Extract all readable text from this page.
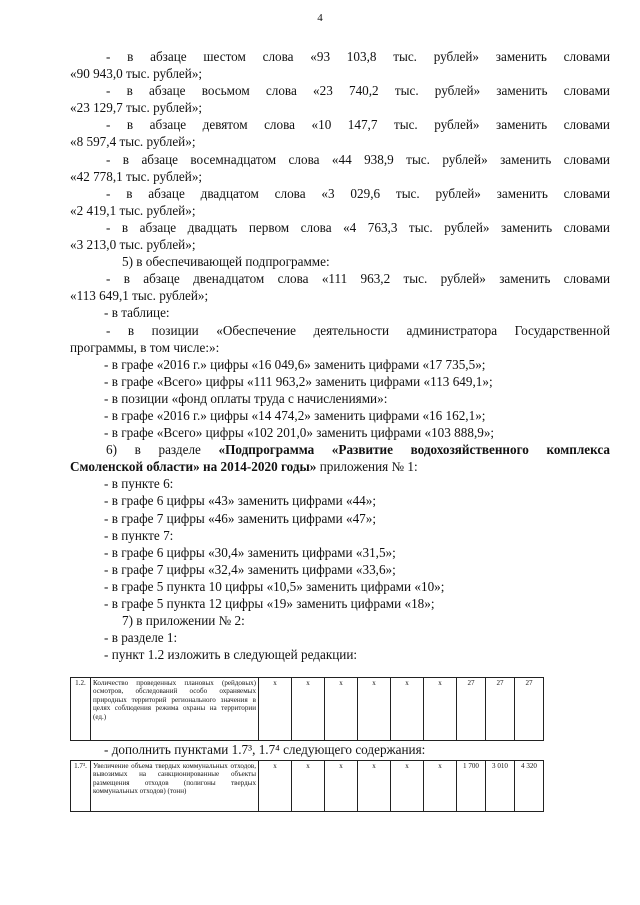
4

- в абзаце шестом слова «93 103,8 тыс. рублей» заменить словами

«90 943,0 тыс. рублей»;

- в абзаце восьмом слова «23 740,2 тыс. рублей» заменить словами

«23 129,7 тыс. рублей»;

- в абзаце девятом слова «10 147,7 тыс. рублей» заменить словами

«8 597,4 тыс. рублей»;

- в абзаце восемнадцатом слова «44 938,9 тыс. рублей» заменить словами

«42 778,1 тыс. рублей»;

- в абзаце двадцатом слова «3 029,6 тыс. рублей» заменить словами

«2 419,1 тыс. рублей»;

- в абзаце двадцать первом слова «4 763,3 тыс. рублей» заменить словами

«3 213,0 тыс. рублей»;

5) в обеспечивающей подпрограмме:

- в абзаце двенадцатом слова «111 963,2 тыс. рублей» заменить словами

«113 649,1 тыс. рублей»;

- в таблице:

- в позиции «Обеспечение деятельности администратора Государственной

программы, в том числе:»:

- в графе «2016 г.» цифры «16 049,6» заменить цифрами «17 735,5»;

- в графе «Всего» цифры «111 963,2» заменить цифрами «113 649,1»;

- в позиции «фонд оплаты труда с начислениями»:

- в графе «2016 г.» цифры «14 474,2» заменить цифрами «16 162,1»;

- в графе «Всего» цифры «102 201,0» заменить цифрами «103 888,9»;

6) в разделе «Подпрограмма «Развитие водохозяйственного комплекса

Смоленской области» на 2014-2020 годы» приложения № 1:

- в пункте 6:

- в графе 6 цифры «43» заменить цифрами «44»;

- в графе 7 цифры «46» заменить цифрами «47»;

- в пункте 7:

- в графе 6 цифры «30,4» заменить цифрами «31,5»;

- в графе 7 цифры «32,4» заменить цифрами «33,6»;

- в графе 5 пункта 10 цифры «10,5» заменить цифрами «10»;

- в графе 5 пункта 12 цифры «19» заменить цифрами «18»;

7) в приложении № 2:

- в разделе 1:

- пункт 1.2 изложить в следующей редакции:

1.2.	Количество проведенных плановых (рейдовых) осмотров, обследований особо охраняемых природных территорий регионального значения в целях соблюдения режима охраны на территории (ед.)	x	x	x	x	x	x	27	27	27
- дополнить пунктами 1.7³, 1.7⁴ следующего содержания:
1.7³.	Увеличение объема твердых коммунальных отходов, вывозимых на санкционированные объекты размещения отходов (полигоны твердых коммунальных отходов) (тонн)	x	x	x	x	x	x	1 700	3 010	4 320
